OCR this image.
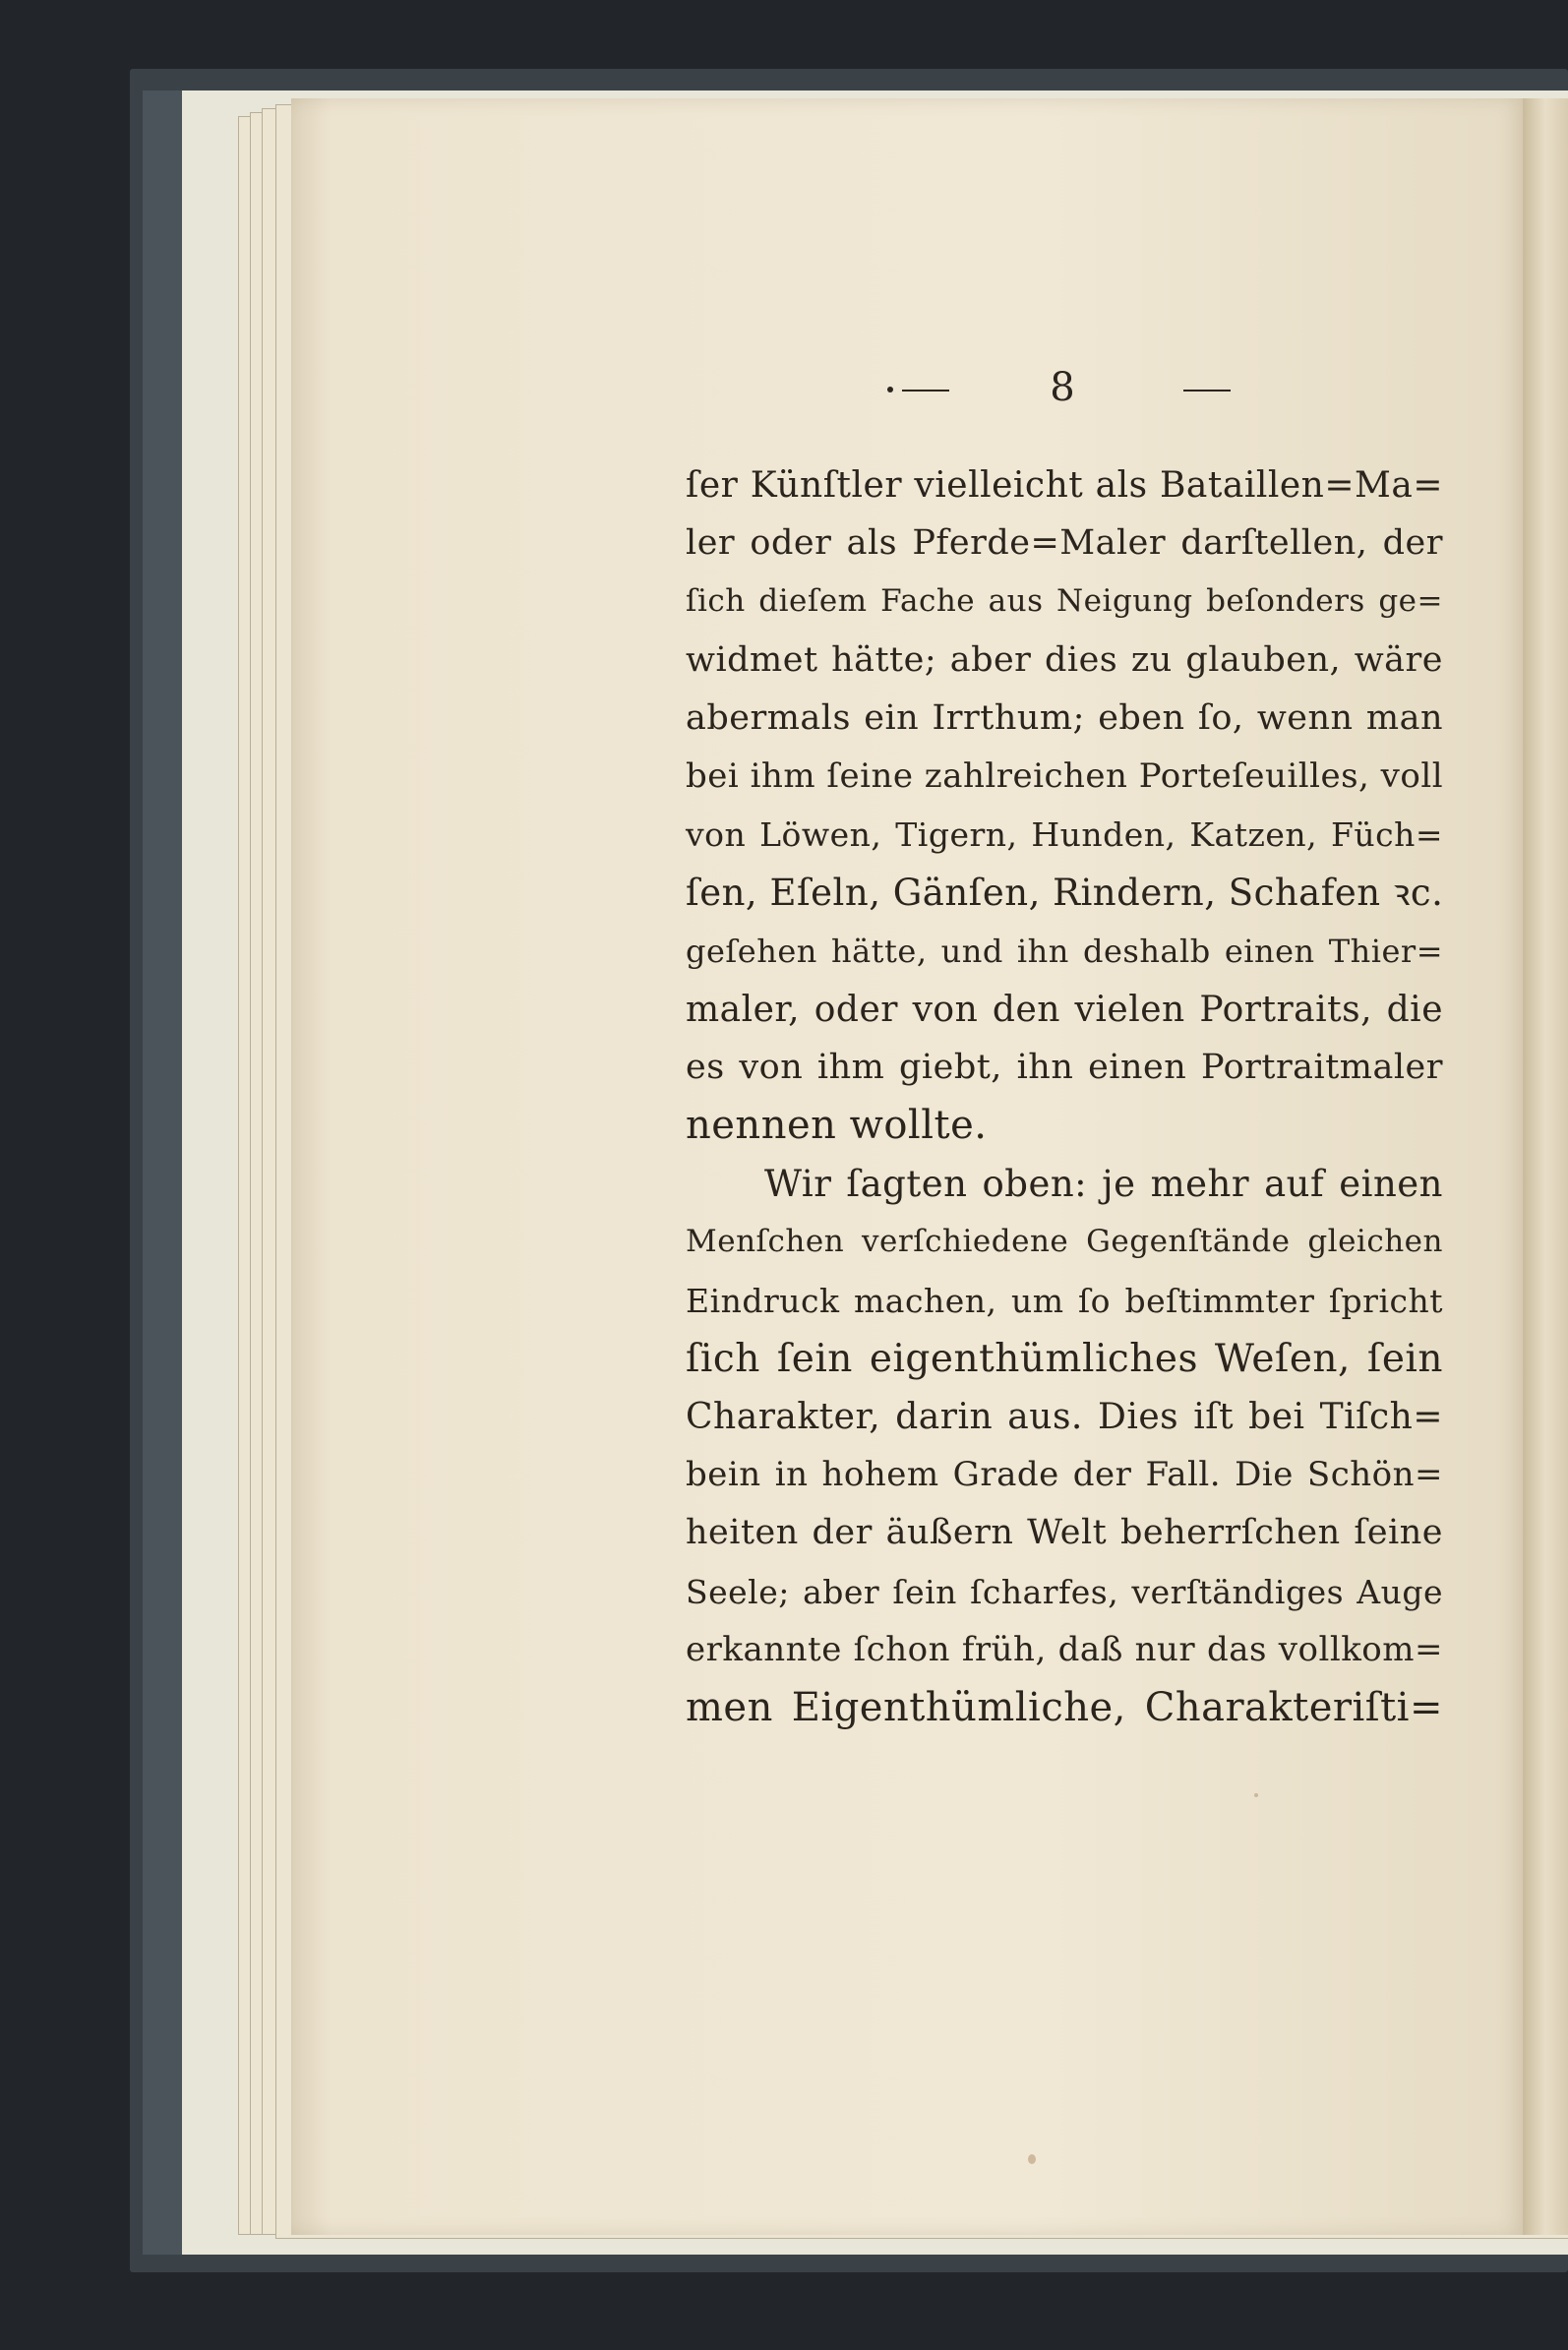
8
ſer Künſtler vielleicht als Bataillen=Ma=
ler oder als Pferde=Maler darſtellen, der
ſich dieſem Fache aus Neigung beſonders ge=
widmet hätte; aber dies zu glauben, wäre
abermals ein Irrthum; eben ſo, wenn man
bei ihm ſeine zahlreichen Porteſeuilles, voll
von Löwen, Tigern, Hunden, Katzen, Füch=
ſen, Eſeln, Gänſen, Rindern, Schafen ꝛc.
geſehen hätte, und ihn deshalb einen Thier=
maler, oder von den vielen Portraits, die
es von ihm giebt, ihn einen Portraitmaler
nennen wollte.
Wir ſagten oben: je mehr auf einen
Menſchen verſchiedene Gegenſtände gleichen
Eindruck machen, um ſo beſtimmter ſpricht
ſich ſein eigenthümliches Weſen, ſein
Charakter, darin aus. Dies iſt bei Tiſch=
bein in hohem Grade der Fall. Die Schön=
heiten der äußern Welt beherrſchen ſeine
Seele; aber ſein ſcharfes, verſtändiges Auge
erkannte ſchon früh, daß nur das vollkom=
men Eigenthümliche, Charakteriſti=
